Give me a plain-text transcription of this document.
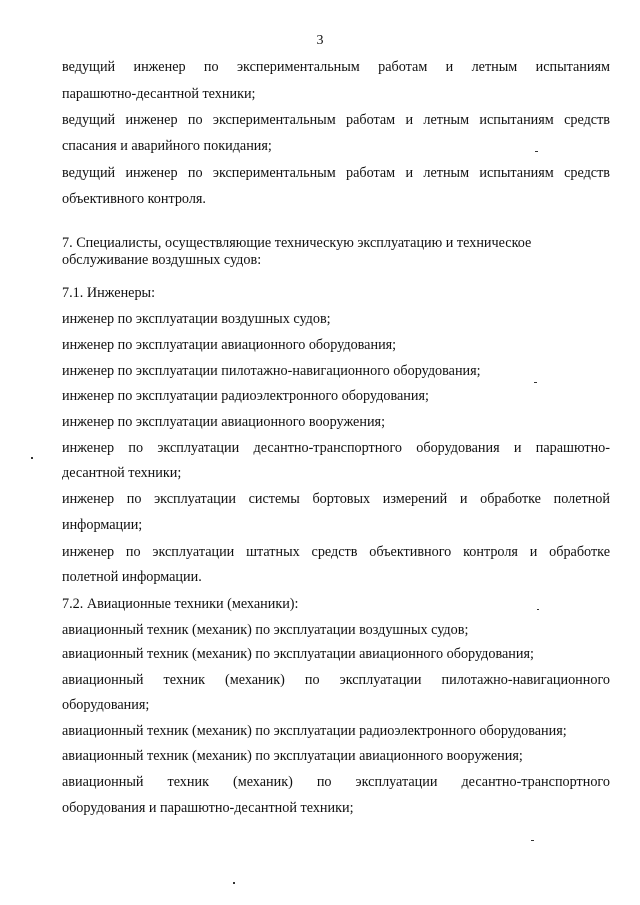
3
ведущий инженер по экспериментальным работам и летным испытаниям
парашютно-десантной техники;
ведущий инженер по экспериментальным работам и летным испытаниям средств
спасания и аварийного покидания;
ведущий инженер по экспериментальным работам и летным испытаниям средств
объективного контроля.
7. Специалисты, осуществляющие техническую эксплуатацию и техническое
обслуживание воздушных судов:
7.1. Инженеры:
инженер по эксплуатации воздушных судов;
инженер по эксплуатации авиационного оборудования;
инженер по эксплуатации пилотажно-навигационного оборудования;
инженер по эксплуатации радиоэлектронного оборудования;
инженер по эксплуатации авиационного вооружения;
инженер по эксплуатации десантно-транспортного оборудования и парашютно-
десантной техники;
инженер по эксплуатации системы бортовых измерений и обработке полетной
информации;
инженер по эксплуатации штатных средств объективного контроля и обработке
полетной информации.
7.2. Авиационные техники (механики):
авиационный техник (механик) по эксплуатации воздушных судов;
авиационный техник (механик) по эксплуатации авиационного оборудования;
авиационный техник (механик) по эксплуатации пилотажно-навигационного
оборудования;
авиационный техник (механик) по эксплуатации радиоэлектронного оборудования;
авиационный техник (механик) по эксплуатации авиационного вооружения;
авиационный техник (механик) по эксплуатации десантно-транспортного
оборудования и парашютно-десантной техники;
